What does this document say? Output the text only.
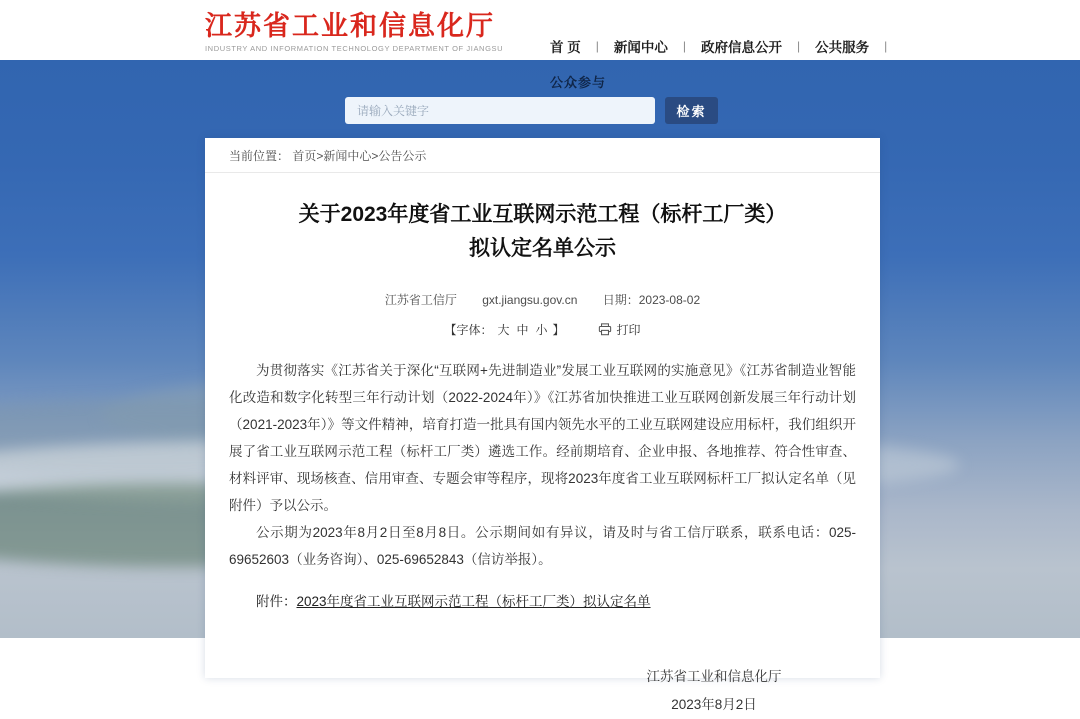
江苏省工业和信息化厅
INDUSTRY AND INFORMATION TECHNOLOGY DEPARTMENT OF JIANGSU	首 页 | 新闻中心 | 政府信息公开 | 公共服务 |
公众参与
请输入关键字
检索
当前位置： 首页>新闻中心>公告公示
关于2023年度省工业互联网示范工程（标杆工厂类）
拟认定名单公示
江苏省工信厅 gxt.jiangsu.gov.cn 日期：2023-08-02
【字体： 大 中 小 】	打印

为贯彻落实《江苏省关于深化“互联网+先进制造业”发展工业互联网的实施意见》《江苏省制造业智能化改造和数字化转型三年行动计划（2022-2024年）》《江苏省加快推进工业互联网创新发展三年行动计划（2021-2023年）》等文件精神，培育打造一批具有国内领先水平的工业互联网建设应用标杆，我们组织开展了省工业互联网示范工程（标杆工厂类）遴选工作。经前期培育、企业申报、各地推荐、符合性审查、材料评审、现场核查、信用审查、专题会审等程序，现将2023年度省工业互联网标杆工厂拟认定名单（见附件）予以公示。

公示期为2023年8月2日至8月8日。公示期间如有异议，请及时与省工信厅联系，联系电话：025-69652603（业务咨询）、025-69652843（信访举报）。

附件：2023年度省工业互联网示范工程（标杆工厂类）拟认定名单
江苏省工业和信息化厅
2023年8月2日
